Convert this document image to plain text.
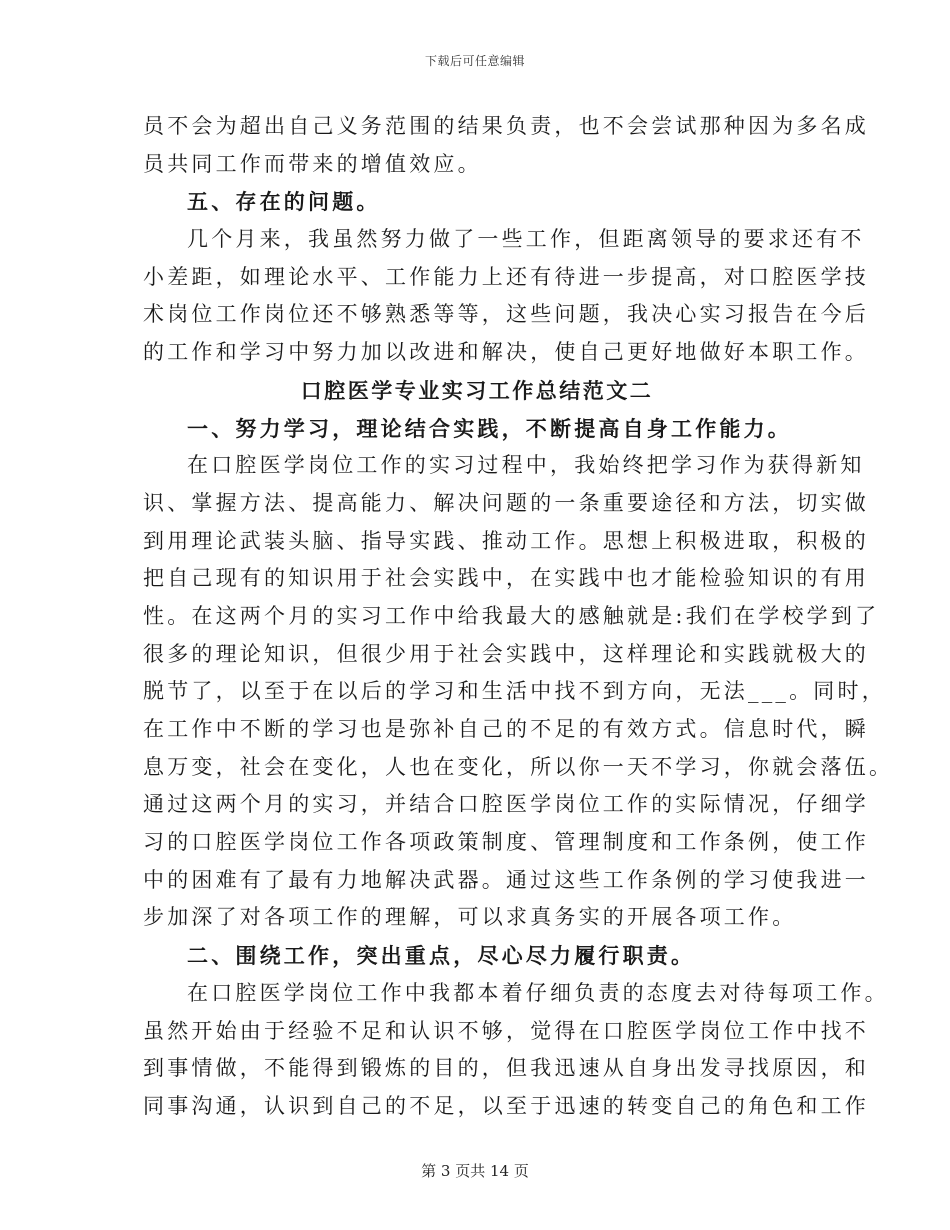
下载后可任意编辑
员不会为超出自己义务范围的结果负责，也不会尝试那种因为多名成
员共同工作而带来的增值效应。
五、存在的问题。
几个月来，我虽然努力做了一些工作，但距离领导的要求还有不
小差距，如理论水平、工作能力上还有待进一步提高，对口腔医学技
术岗位工作岗位还不够熟悉等等，这些问题，我决心实习报告在今后
的工作和学习中努力加以改进和解决，使自己更好地做好本职工作。
口腔医学专业实习工作总结范文二
一、努力学习，理论结合实践，不断提高自身工作能力。
在口腔医学岗位工作的实习过程中，我始终把学习作为获得新知
识、掌握方法、提高能力、解决问题的一条重要途径和方法，切实做
到用理论武装头脑、指导实践、推动工作。思想上积极进取，积极的
把自己现有的知识用于社会实践中，在实践中也才能检验知识的有用
性。在这两个月的实习工作中给我最大的感触就是:我们在学校学到了
很多的理论知识，但很少用于社会实践中，这样理论和实践就极大的
脱节了，以至于在以后的学习和生活中找不到方向，无法___。同时，
在工作中不断的学习也是弥补自己的不足的有效方式。信息时代，瞬
息万变，社会在变化，人也在变化，所以你一天不学习，你就会落伍。
通过这两个月的实习，并结合口腔医学岗位工作的实际情况，仔细学
习的口腔医学岗位工作各项政策制度、管理制度和工作条例，使工作
中的困难有了最有力地解决武器。通过这些工作条例的学习使我进一
步加深了对各项工作的理解，可以求真务实的开展各项工作。
二、围绕工作，突出重点，尽心尽力履行职责。
在口腔医学岗位工作中我都本着仔细负责的态度去对待每项工作。
虽然开始由于经验不足和认识不够，觉得在口腔医学岗位工作中找不
到事情做，不能得到锻炼的目的，但我迅速从自身出发寻找原因，和
同事沟通，认识到自己的不足，以至于迅速的转变自己的角色和工作
第 3 页共 14 页
